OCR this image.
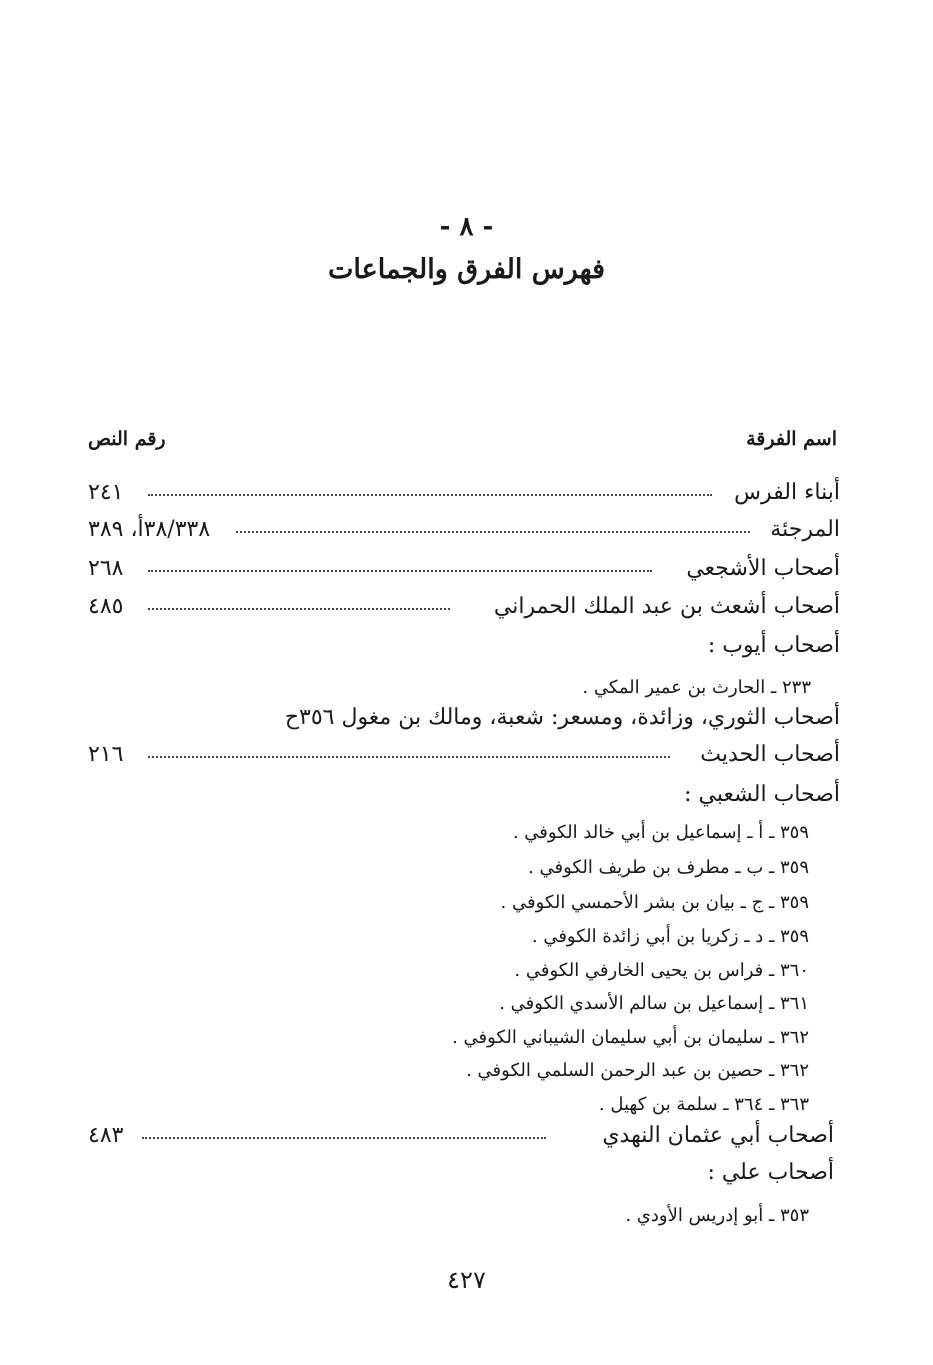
- ٨ -
فهرس الفرق والجماعات
اسم الفرقة
رقم النص
أبناء الفرس
٢٤١
المرجئة
٣٨/٣٣٨أ، ٣٨٩
أصحاب الأشجعي
٢٦٨
أصحاب أشعث بن عبد الملك الحمراني
٤٨٥
أصحاب أيوب :
٢٣٣ ـ الحارث بن عمير المكي .
أصحاب الثوري، وزائدة، ومسعر: شعبة، ومالك بن مغول ٣٥٦ح
أصحاب الحديث
٢١٦
أصحاب الشعبي :
٣٥٩ ـ أ ـ إسماعيل بن أبي خالد الكوفي .
٣٥٩ ـ ب ـ مطرف بن طريف الكوفي .
٣٥٩ ـ ج ـ بيان بن بشر الأحمسي الكوفي .
٣٥٩ ـ د ـ زكريا بن أبي زائدة الكوفي .
٣٦٠ ـ فراس بن يحيى الخارفي الكوفي .
٣٦١ ـ إسماعيل بن سالم الأسدي الكوفي .
٣٦٢ ـ سليمان بن أبي سليمان الشيباني الكوفي .
٣٦٢ ـ حصين بن عبد الرحمن السلمي الكوفي .
٣٦٣ ـ ٣٦٤ ـ سلمة بن كهيل .
أصحاب أبي عثمان النهدي
٤٨٣
أصحاب علي :
٣٥٣ ـ أبو إدريس الأودي .
٤٢٧
